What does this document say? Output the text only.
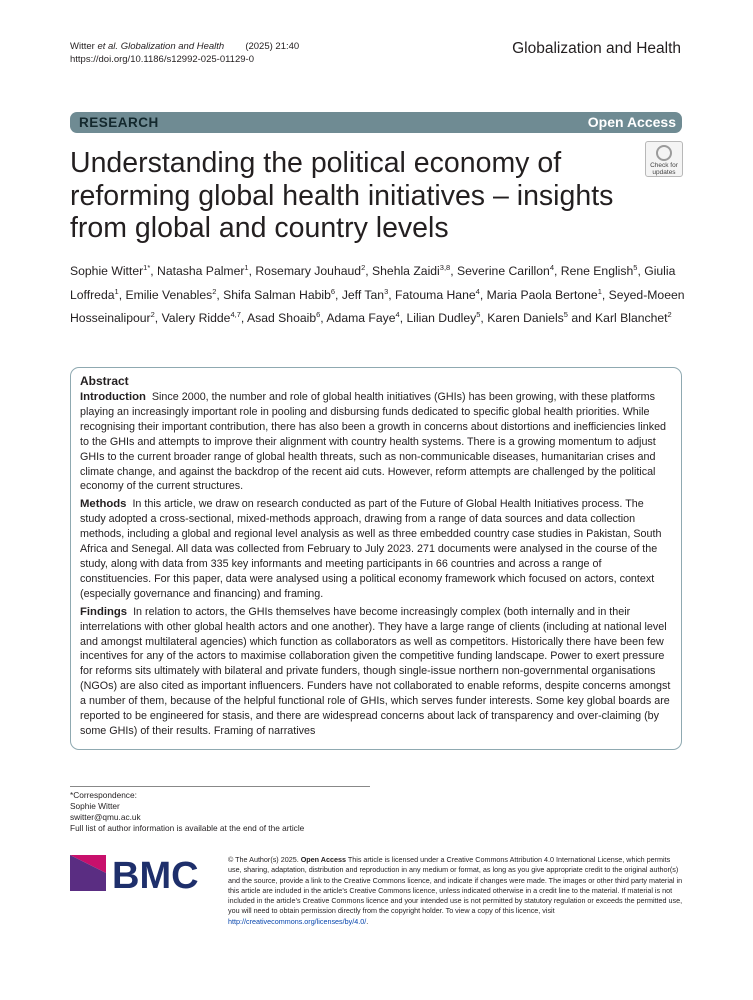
Witter et al. Globalization and Health (2025) 21:40
https://doi.org/10.1186/s12992-025-01129-0
Globalization and Health
RESEARCH	Open Access
Check for
updates
Understanding the political economy of reforming global health initiatives – insights from global and country levels
Sophie Witter$^{1*}$, Natasha Palmer$^1$, Rosemary Jouhaud$^2$, Shehla Zaidi$^{3,8}$, Severine Carillon$^4$, Rene English$^5$, Giulia Loffreda$^1$, Emilie Venables$^2$, Shifa Salman Habib$^6$, Jeff Tan$^3$, Fatouma Hane$^4$, Maria Paola Bertone$^1$, Seyed-Moeen Hosseinalipour$^2$, Valery Ridde$^{4,7}$, Asad Shoaib$^6$, Adama Faye$^4$, Lilian Dudley$^5$, Karen Daniels$^5$ and Karl Blanchet$^2$
Abstract

Introduction Since 2000, the number and role of global health initiatives (GHIs) has been growing, with these platforms playing an increasingly important role in pooling and disbursing funds dedicated to specific global health priorities. While recognising their important contribution, there has also been a growth in concerns about distortions and inefficiencies linked to the GHIs and attempts to improve their alignment with country health systems. There is a growing momentum to adjust GHIs to the current broader range of global health threats, such as non-communicable diseases, humanitarian crises and climate change, and against the backdrop of the recent aid cuts. However, reform attempts are challenged by the political economy of the current structures.

Methods In this article, we draw on research conducted as part of the Future of Global Health Initiatives process. The study adopted a cross-sectional, mixed-methods approach, drawing from a range of data sources and data collection methods, including a global and regional level analysis as well as three embedded country case studies in Pakistan, South Africa and Senegal. All data was collected from February to July 2023. 271 documents were analysed in the course of the study, along with data from 335 key informants and meeting participants in 66 countries and across a range of constituencies. For this paper, data were analysed using a political economy framework which focused on actors, context (especially governance and financing) and framing.

Findings In relation to actors, the GHIs themselves have become increasingly complex (both internally and in their interrelations with other global health actors and one another). They have a large range of clients (including at national level and amongst multilateral agencies) which function as collaborators as well as competitors. Historically there have been few incentives for any of the actors to maximise collaboration given the competitive funding landscape. Power to exert pressure for reforms sits ultimately with bilateral and private funders, though single-issue northern non-governmental organisations (NGOs) are also cited as important influencers. Funders have not collaborated to enable reforms, despite concerns amongst a number of them, because of the helpful functional role of GHIs, which serves funder interests. Some key global boards are reported to be engineered for stasis, and there are widespread concerns about lack of transparency and over-claiming (by some GHIs) of their results. Framing of narratives

*Correspondence:
Sophie Witter
switter@qmu.ac.uk
Full list of author information is available at the end of the article
BMC	© The Author(s) 2025. Open Access This article is licensed under a Creative Commons Attribution 4.0 International License, which permits use, sharing, adaptation, distribution and reproduction in any medium or format, as long as you give appropriate credit to the original author(s) and the source, provide a link to the Creative Commons licence, and indicate if changes were made. The images or other third party material in this article are included in the article’s Creative Commons licence, unless indicated otherwise in a credit line to the material. If material is not included in the article’s Creative Commons licence and your intended use is not permitted by statutory regulation or exceeds the permitted use, you will need to obtain permission directly from the copyright holder. To view a copy of this licence, visit http://creativecommons.org/licenses/by/4.0/.
